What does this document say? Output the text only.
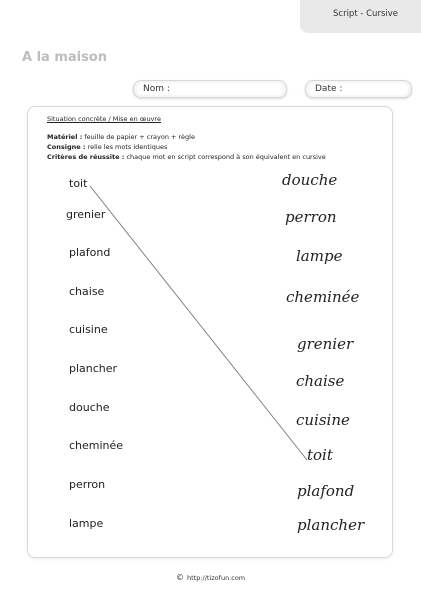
Script - Cursive
A la maison
Nom :	Date :
Situation concrète / Mise en œuvre
Matériel : feuille de papier + crayon + règle
Consigne : relie les mots identiques
Critères de réussite : chaque mot en script correspond à son équivalent en cursive
toit
grenier
plafond
chaise
cuisine
plancher
douche
cheminée
perron
lampe
douche
perron
lampe
cheminée
grenier
chaise
cuisine
toit
plafond
plancher
© http://tizofun.com
